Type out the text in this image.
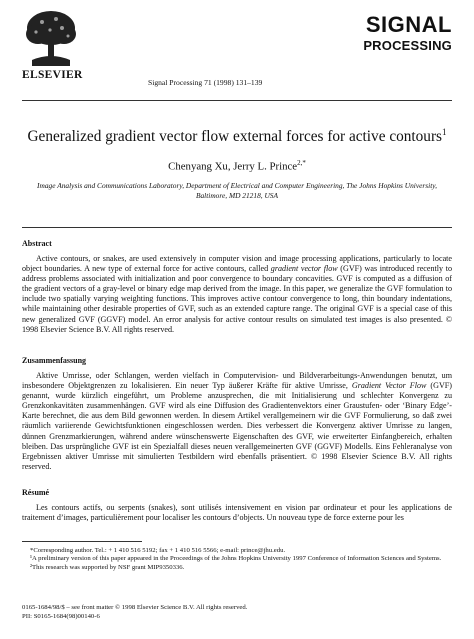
ELSEVIER
Signal Processing 71 (1998) 131–139
SIGNAL
PROCESSING
Generalized gradient vector flow external forces for active contours$^1$
Chenyang Xu, Jerry L. Prince$^{2,*}$
Image Analysis and Communications Laboratory, Department of Electrical and Computer Engineering, The Johns Hopkins University, Baltimore, MD 21218, USA
Abstract

Active contours, or snakes, are used extensively in computer vision and image processing applications, particularly to locate object boundaries. A new type of external force for active contours, called gradient vector flow (GVF) was introduced recently to address problems associated with initialization and poor convergence to boundary concavities. GVF is computed as a diffusion of the gradient vectors of a gray-level or binary edge map derived from the image. In this paper, we generalize the GVF formulation to include two spatially varying weighting functions. This improves active contour convergence to long, thin boundary indentations, while maintaining other desirable properties of GVF, such as an extended capture range. The original GVF is a special case of this new generalized GVF (GGVF) model. An error analysis for active contour results on simulated test images is also presented. © 1998 Elsevier Science B.V. All rights reserved.

Zusammenfassung

Aktive Umrisse, oder Schlangen, werden vielfach in Computervision- und Bildverarbeitungs-Anwendungen benutzt, um insbesondere Objektgrenzen zu lokalisieren. Ein neuer Typ äußerer Kräfte für aktive Umrisse, Gradient Vector Flow (GVF) genannt, wurde kürzlich eingeführt, um Probleme anzusprechen, die mit Initialisierung und schlechter Konvergenz zu Grenzkonkavitäten zusammenhängen. GVF wird als eine Diffusion des Gradientenvektors einer Graustufen- oder ‘Binary Edge’-Karte berechnet, die aus dem Bild gewonnen werden. In diesem Artikel verallgemeinern wir die GVF Formulierung, so daß zwei räumlich variierende Gewichtsfunktionen eingeschlossen werden. Dies verbessert die Konvergenz aktiver Umrisse zu langen, dünnen Grenzmarkierungen, während andere wünschenswerte Eigenschaften des GVF, wie erweiterter Einfangbereich, erhalten bleiben. Das ursprüngliche GVF ist ein Spezialfall dieses neuen verallgemeinerten GVF (GGVF) Modells. Eins Fehleranalyse von Ergebnissen aktiver Umrisse mit simulierten Testbildern wird ebenfalls präsentiert. © 1998 Elsevier Science B.V. All rights reserved.

Résumé

Les contours actifs, ou serpents (snakes), sont utilisés intensivement en vision par ordinateur et pour les applications de traitement d’images, particulièrement pour localiser les contours d’objects. Un nouveau type de force externe pour les

*Corresponding author. Tel.: + 1 410 516 5192; fax + 1 410 516 5566; e-mail: prince@jhu.edu.
¹A preliminary version of this paper appeared in the Proceedings of the Johns Hopkins University 1997 Conference of Information Sciences and Systems.
²This research was supported by NSF grant MIP9350336.
0165-1684/98/$ – see front matter © 1998 Elsevier Science B.V. All rights reserved.
PII: S0165-1684(98)00140-6
